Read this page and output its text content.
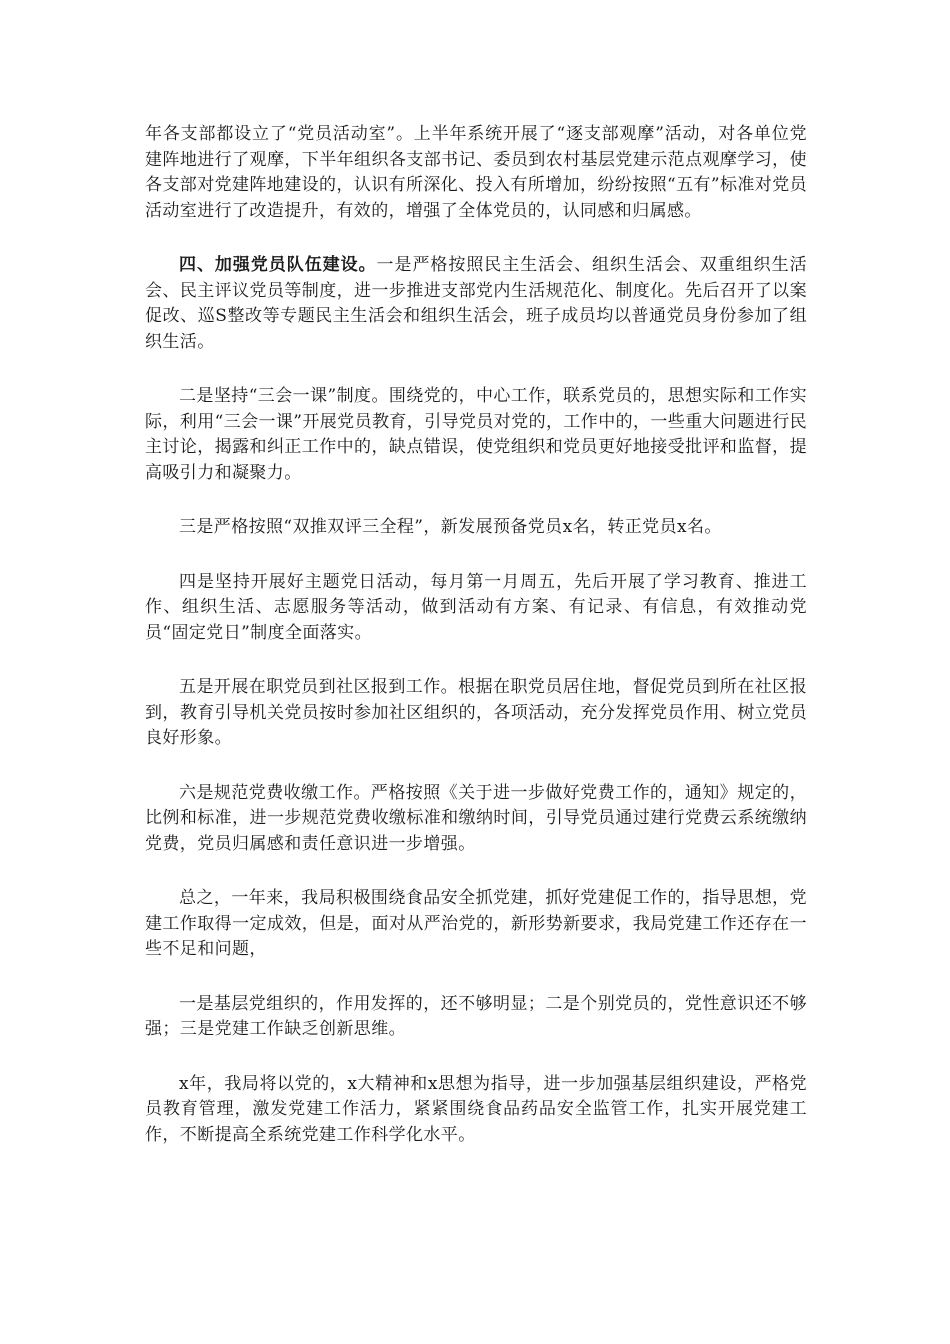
年各支部都设立了“党员活动室”。上半年系统开展了“逐支部观摩”活动，对各单位党建阵地进行了观摩，下半年组织各支部书记、委员到农村基层党建示范点观摩学习，使各支部对党建阵地建设的，认识有所深化、投入有所增加，纷纷按照“五有”标准对党员活动室进行了改造提升，有效的，增强了全体党员的，认同感和归属感。

四、加强党员队伍建设。一是严格按照民主生活会、组织生活会、双重组织生活会、民主评议党员等制度，进一步推进支部党内生活规范化、制度化。先后召开了以案促改、巡S整改等专题民主生活会和组织生活会，班子成员均以普通党员身份参加了组织生活。

二是坚持“三会一课”制度。围绕党的，中心工作，联系党员的，思想实际和工作实际，利用“三会一课”开展党员教育，引导党员对党的，工作中的，一些重大问题进行民主讨论，揭露和纠正工作中的，缺点错误，使党组织和党员更好地接受批评和监督，提高吸引力和凝聚力。

三是严格按照“双推双评三全程”，新发展预备党员x名，转正党员x名。

四是坚持开展好主题党日活动，每月第一月周五，先后开展了学习教育、推进工作、组织生活、志愿服务等活动，做到活动有方案、有记录、有信息，有效推动党员“固定党日”制度全面落实。

五是开展在职党员到社区报到工作。根据在职党员居住地，督促党员到所在社区报到，教育引导机关党员按时参加社区组织的，各项活动，充分发挥党员作用、树立党员良好形象。

六是规范党费收缴工作。严格按照《关于进一步做好党费工作的，通知》规定的，比例和标准，进一步规范党费收缴标准和缴纳时间，引导党员通过建行党费云系统缴纳党费，党员归属感和责任意识进一步增强。

总之，一年来，我局积极围绕食品安全抓党建，抓好党建促工作的，指导思想，党建工作取得一定成效，但是，面对从严治党的，新形势新要求，我局党建工作还存在一些不足和问题，

一是基层党组织的，作用发挥的，还不够明显；二是个别党员的，党性意识还不够强；三是党建工作缺乏创新思维。

x年，我局将以党的，x大精神和x思想为指导，进一步加强基层组织建设，严格党员教育管理，激发党建工作活力，紧紧围绕食品药品安全监管工作，扎实开展党建工作，不断提高全系统党建工作科学化水平。
